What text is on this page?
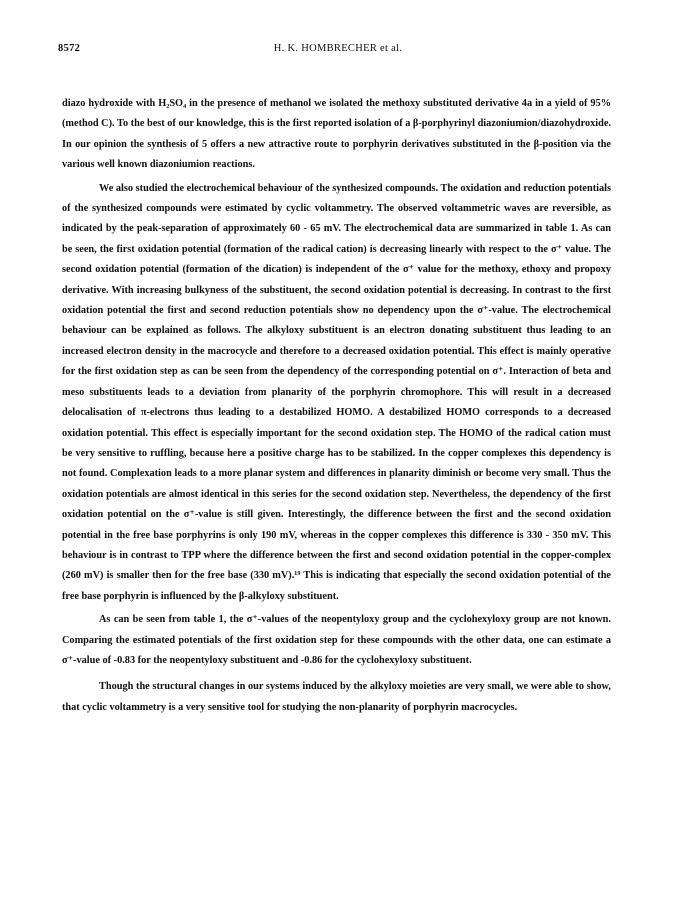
8572	H. K. HOMBRECHER et al.

diazo hydroxide with H₂SO₄ in the presence of methanol we isolated the methoxy substituted derivative 4a in a yield of 95% (method C). To the best of our knowledge, this is the first reported isolation of a β-porphyrinyl diazoniumion/diazohydroxide. In our opinion the synthesis of 5 offers a new attractive route to porphyrin derivatives substituted in the β-position via the various well known diazoniumion reactions.

We also studied the electrochemical behaviour of the synthesized compounds. The oxidation and reduction potentials of the synthesized compounds were estimated by cyclic voltammetry. The observed voltammetric waves are reversible, as indicated by the peak-separation of approximately 60 - 65 mV. The electrochemical data are summarized in table 1. As can be seen, the first oxidation potential (formation of the radical cation) is decreasing linearly with respect to the σ⁺ value. The second oxidation potential (formation of the dication) is independent of the σ⁺ value for the methoxy, ethoxy and propoxy derivative. With increasing bulkyness of the substituent, the second oxidation potential is decreasing. In contrast to the first oxidation potential the first and second reduction potentials show no dependency upon the σ⁺-value. The electrochemical behaviour can be explained as follows. The alkyloxy substituent is an electron donating substituent thus leading to an increased electron density in the macrocycle and therefore to a decreased oxidation potential. This effect is mainly operative for the first oxidation step as can be seen from the dependency of the corresponding potential on σ⁺. Interaction of beta and meso substituents leads to a deviation from planarity of the porphyrin chromophore. This will result in a decreased delocalisation of π-electrons thus leading to a destabilized HOMO. A destabilized HOMO corresponds to a decreased oxidation potential. This effect is especially important for the second oxidation step. The HOMO of the radical cation must be very sensitive to ruffling, because here a positive charge has to be stabilized. In the copper complexes this dependency is not found. Complexation leads to a more planar system and differences in planarity diminish or become very small. Thus the oxidation potentials are almost identical in this series for the second oxidation step. Nevertheless, the dependency of the first oxidation potential on the σ⁺-value is still given. Interestingly, the difference between the first and the second oxidation potential in the free base porphyrins is only 190 mV, whereas in the copper complexes this difference is 330 - 350 mV. This behaviour is in contrast to TPP where the difference between the first and second oxidation potential in the copper-complex (260 mV) is smaller then for the free base (330 mV).¹⁹ This is indicating that especially the second oxidation potential of the free base porphyrin is influenced by the β-alkyloxy substituent.

As can be seen from table 1, the σ⁺-values of the neopentyloxy group and the cyclohexyloxy group are not known. Comparing the estimated potentials of the first oxidation step for these compounds with the other data, one can estimate a σ⁺-value of -0.83 for the neopentyloxy substituent and -0.86 for the cyclohexyloxy substituent.

Though the structural changes in our systems induced by the alkyloxy moieties are very small, we were able to show, that cyclic voltammetry is a very sensitive tool for studying the non-planarity of porphyrin macrocycles.
